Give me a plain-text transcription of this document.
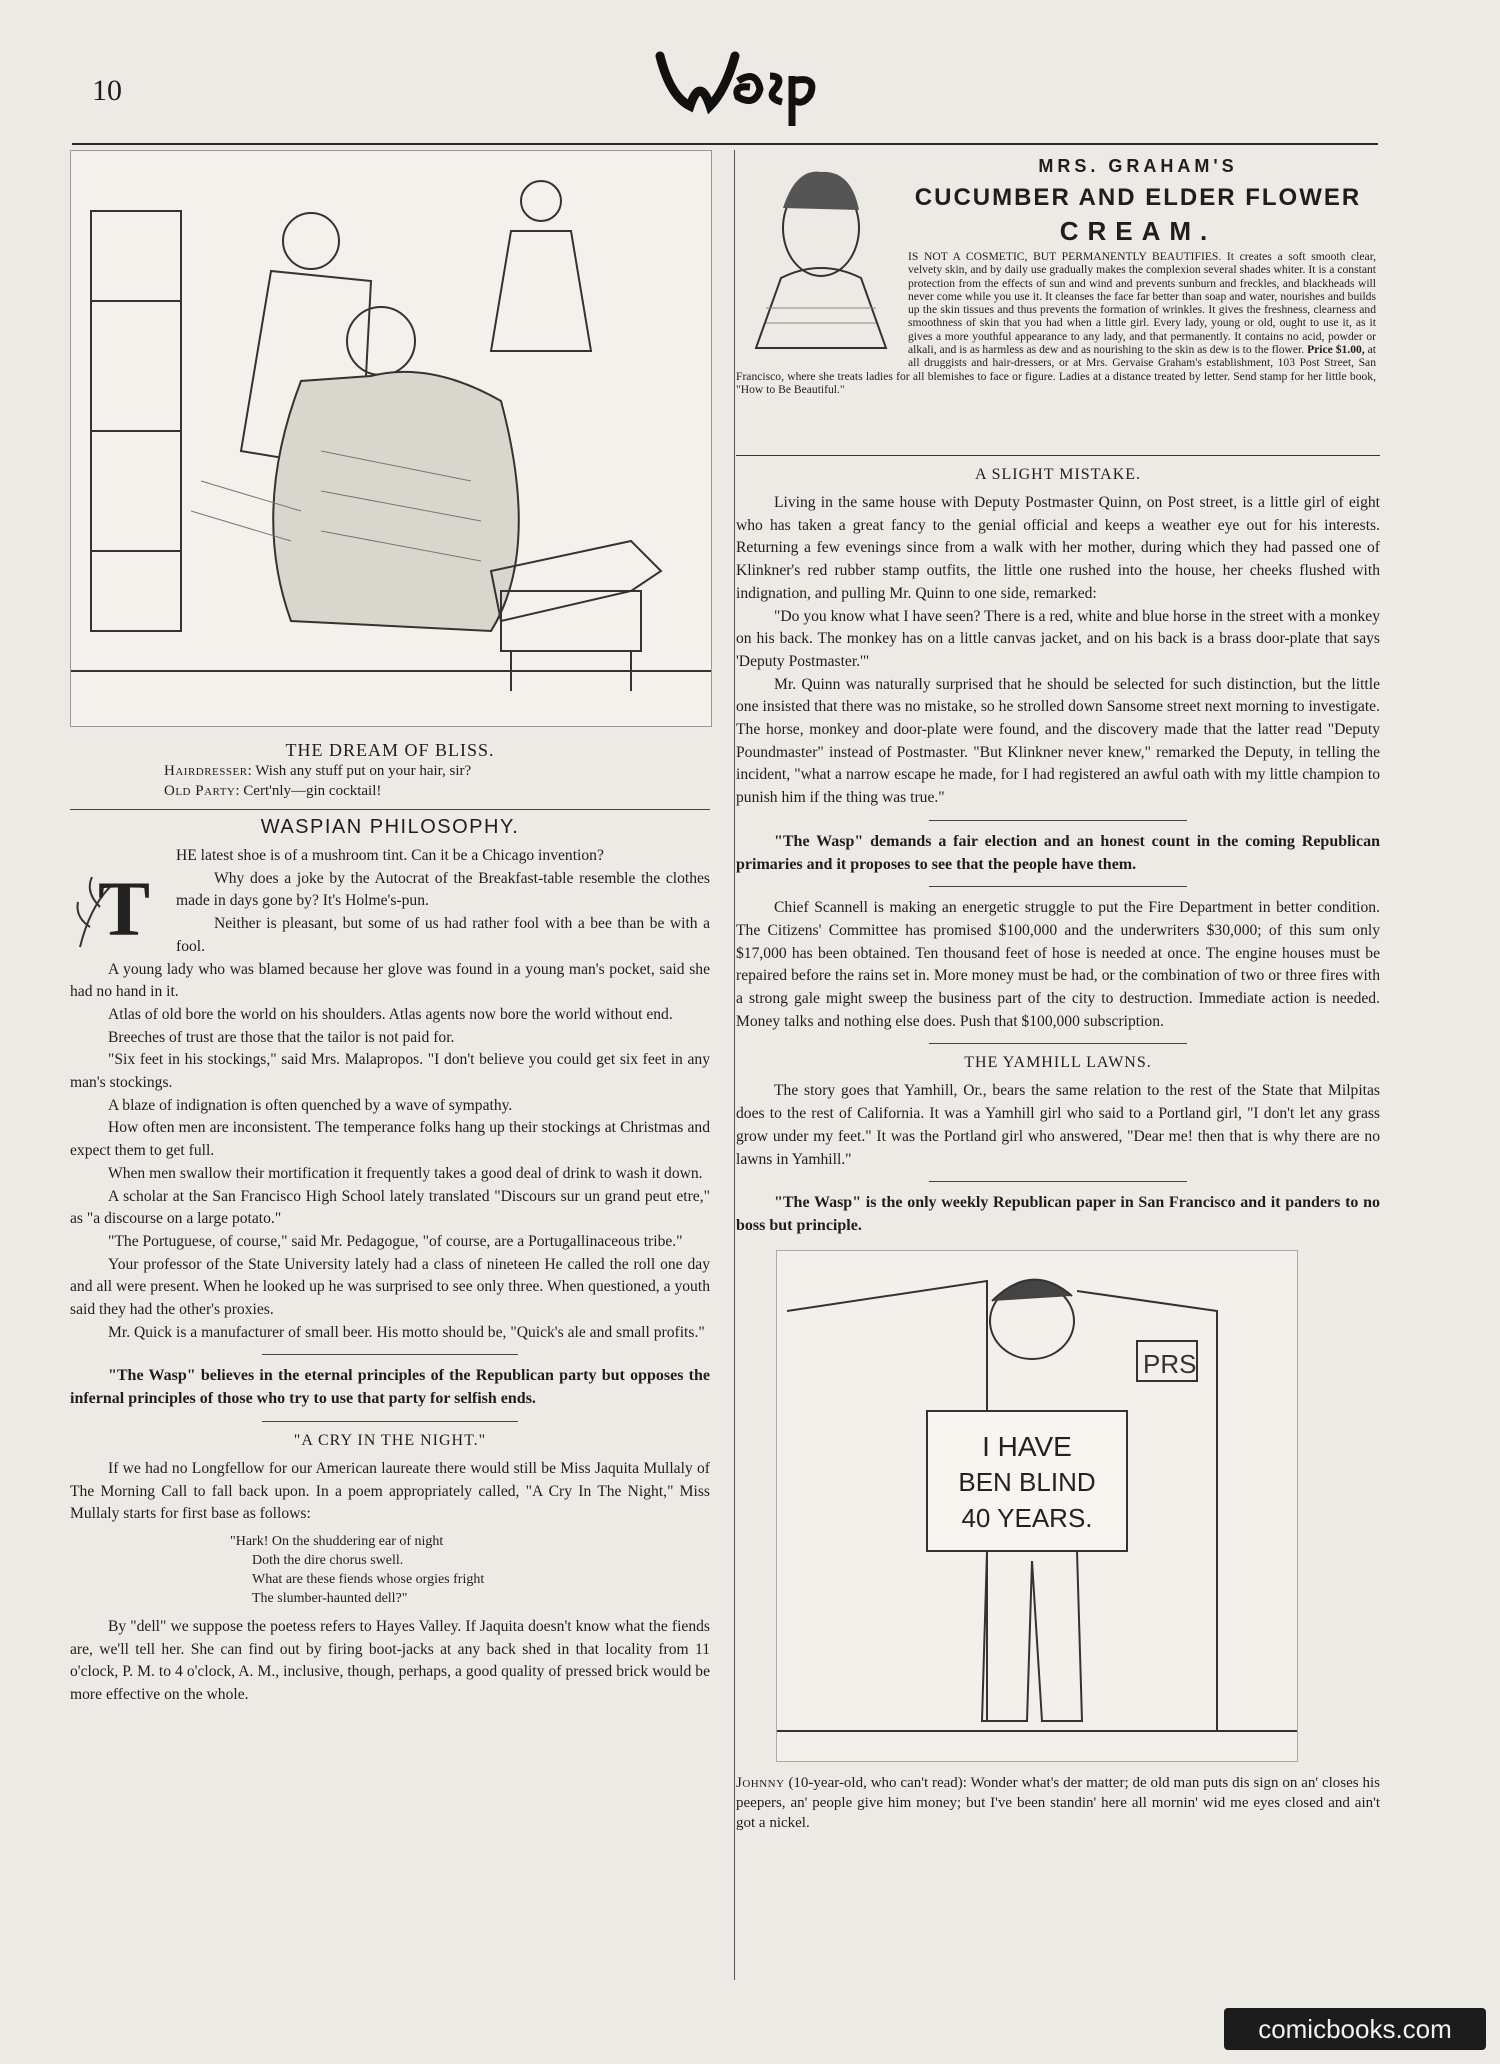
10
THE DREAM OF BLISS.
Hairdresser: Wish any stuff put on your hair, sir?
Old Party: Cert'nly—gin cocktail!
WASPIAN PHILOSOPHY.
T

HE latest shoe is of a mushroom tint. Can it be a Chicago invention?

Why does a joke by the Autocrat of the Breakfast-table resemble the clothes made in days gone by? It's Holme's-pun.

Neither is pleasant, but some of us had rather fool with a bee than be with a fool.

A young lady who was blamed because her glove was found in a young man's pocket, said she had no hand in it.

Atlas of old bore the world on his shoulders. Atlas agents now bore the world without end.

Breeches of trust are those that the tailor is not paid for.

"Six feet in his stockings," said Mrs. Malapropos. "I don't believe you could get six feet in any man's stockings.

A blaze of indignation is often quenched by a wave of sympathy.

How often men are inconsistent. The temperance folks hang up their stockings at Christmas and expect them to get full.

When men swallow their mortification it frequently takes a good deal of drink to wash it down.

A scholar at the San Francisco High School lately translated "Discours sur un grand peut etre," as "a discourse on a large potato."

"The Portuguese, of course," said Mr. Pedagogue, "of course, are a Portugallinaceous tribe."

Your professor of the State University lately had a class of nineteen He called the roll one day and all were present. When he looked up he was surprised to see only three. When questioned, a youth said they had the other's proxies.

Mr. Quick is a manufacturer of small beer. His motto should be, "Quick's ale and small profits."

"The Wasp" believes in the eternal principles of the Republican party but opposes the infernal principles of those who try to use that party for selfish ends.

"A CRY IN THE NIGHT."

If we had no Longfellow for our American laureate there would still be Miss Jaquita Mullaly of The Morning Call to fall back upon. In a poem appropriately called, "A Cry In The Night," Miss Mullaly starts for first base as follows:

"Hark! On the shuddering ear of night
Doth the dire chorus swell.
What are these fiends whose orgies fright
The slumber-haunted dell?"

By "dell" we suppose the poetess refers to Hayes Valley. If Jaquita doesn't know what the fiends are, we'll tell her. She can find out by firing boot-jacks at any back shed in that locality from 11 o'clock, P. M. to 4 o'clock, A. M., inclusive, though, perhaps, a good quality of pressed brick would be more effective on the whole.

MRS. GRAHAM'S
CUCUMBER AND ELDER FLOWER
CREAM.
IS NOT A COSMETIC, BUT PERMANENTLY BEAUTIFIES. It creates a soft smooth clear, velvety skin, and by daily use gradually makes the complexion several shades whiter. It is a constant protection from the effects of sun and wind and prevents sunburn and freckles, and blackheads will never come while you use it. It cleanses the face far better than soap and water, nourishes and builds up the skin tissues and thus prevents the formation of wrinkles. It gives the freshness, clearness and smoothness of skin that you had when a little girl. Every lady, young or old, ought to use it, as it gives a more youthful appearance to any lady, and that permanently. It contains no acid, powder or alkali, and is as harmless as dew and as nourishing to the skin as dew is to the flower. Price $1.00, at all druggists and hair-dressers, or at Mrs. Gervaise Graham's establishment, 103 Post Street, San Francisco, where she treats ladies for all blemishes to face or figure. Ladies at a distance treated by letter. Send stamp for her little book, "How to Be Beautiful."
A SLIGHT MISTAKE.

Living in the same house with Deputy Postmaster Quinn, on Post street, is a little girl of eight who has taken a great fancy to the genial official and keeps a weather eye out for his interests. Returning a few evenings since from a walk with her mother, during which they had passed one of Klinkner's red rubber stamp outfits, the little one rushed into the house, her cheeks flushed with indignation, and pulling Mr. Quinn to one side, remarked:

"Do you know what I have seen? There is a red, white and blue horse in the street with a monkey on his back. The monkey has on a little canvas jacket, and on his back is a brass door-plate that says 'Deputy Postmaster.'"

Mr. Quinn was naturally surprised that he should be selected for such distinction, but the little one insisted that there was no mistake, so he strolled down Sansome street next morning to investigate. The horse, monkey and door-plate were found, and the discovery made that the latter read "Deputy Poundmaster" instead of Postmaster. "But Klinkner never knew," remarked the Deputy, in telling the incident, "what a narrow escape he made, for I had registered an awful oath with my little champion to punish him if the thing was true."

"The Wasp" demands a fair election and an honest count in the coming Republican primaries and it proposes to see that the people have them.

Chief Scannell is making an energetic struggle to put the Fire Department in better condition. The Citizens' Committee has promised $100,000 and the underwriters $30,000; of this sum only $17,000 has been obtained. Ten thousand feet of hose is needed at once. The engine houses must be repaired before the rains set in. More money must be had, or the combination of two or three fires with a strong gale might sweep the business part of the city to destruction. Immediate action is needed. Money talks and nothing else does. Push that $100,000 subscription.

THE YAMHILL LAWNS.

The story goes that Yamhill, Or., bears the same relation to the rest of the State that Milpitas does to the rest of California. It was a Yamhill girl who said to a Portland girl, "I don't let any grass grow under my feet." It was the Portland girl who answered, "Dear me! then that is why there are no lawns in Yamhill."

"The Wasp" is the only weekly Republican paper in San Francisco and it panders to no boss but principle.

PRS
I HAVE
BEN BLIND
40 YEARS.
Johnny (10-year-old, who can't read): Wonder what's der matter; de old man puts dis sign on an' closes his peepers, an' people give him money; but I've been standin' here all mornin' wid me eyes closed and ain't got a nickel.
comicbooks.com
